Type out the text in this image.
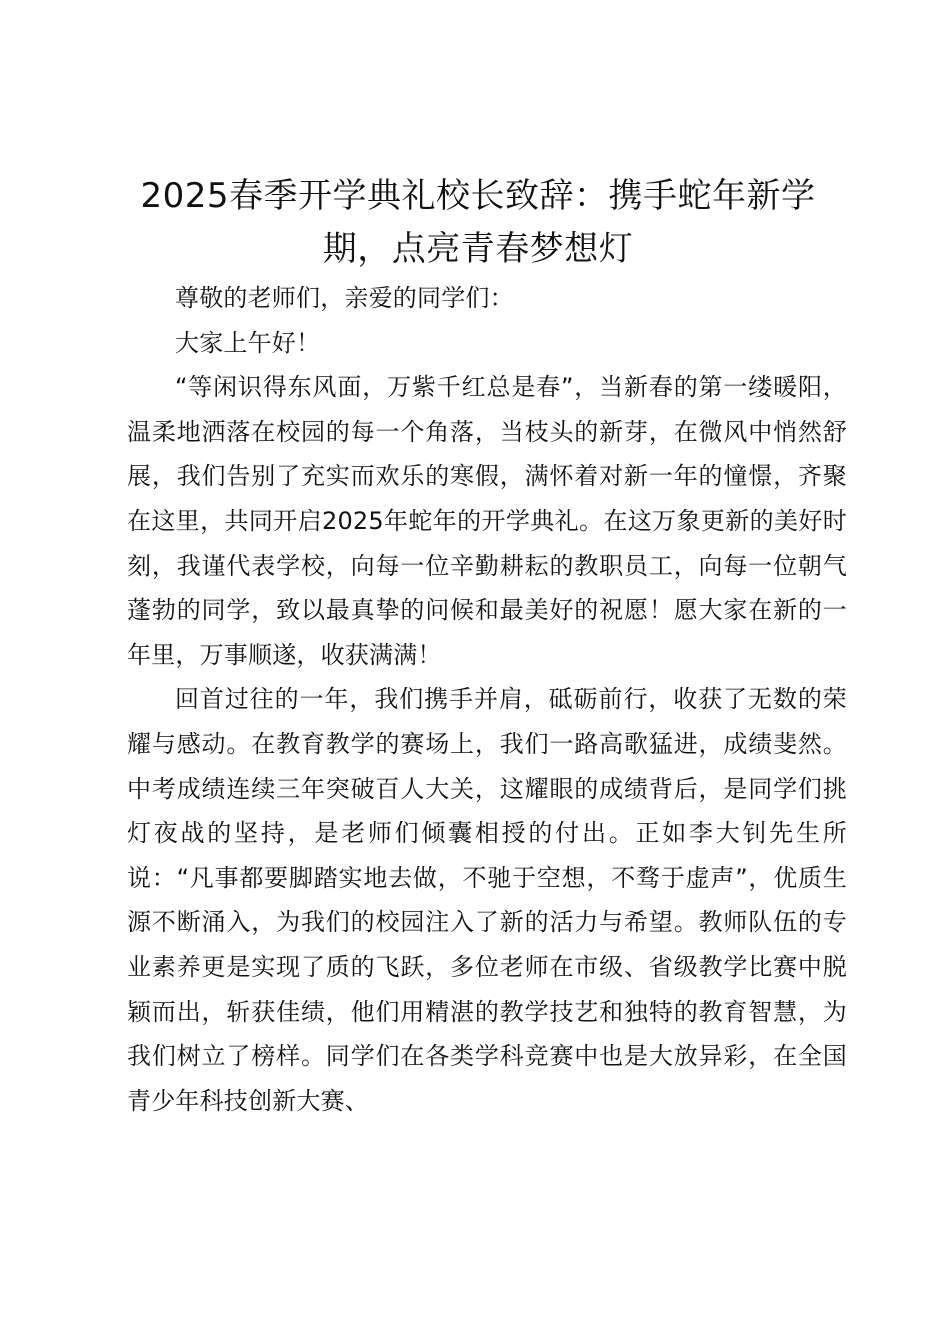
2025春季开学典礼校长致辞：携手蛇年新学期，点亮青春梦想灯

尊敬的老师们，亲爱的同学们：

大家上午好！

“等闲识得东风面，万紫千红总是春”，当新春的第一缕暖阳，温柔地洒落在校园的每一个角落，当枝头的新芽，在微风中悄然舒展，我们告别了充实而欢乐的寒假，满怀着对新一年的憧憬，齐聚在这里，共同开启2025年蛇年的开学典礼。在这万象更新的美好时刻，我谨代表学校，向每一位辛勤耕耘的教职员工，向每一位朝气蓬勃的同学，致以最真挚的问候和最美好的祝愿！愿大家在新的一年里，万事顺遂，收获满满！

回首过往的一年，我们携手并肩，砥砺前行，收获了无数的荣耀与感动。在教育教学的赛场上，我们一路高歌猛进，成绩斐然。中考成绩连续三年突破百人大关，这耀眼的成绩背后，是同学们挑灯夜战的坚持，是老师们倾囊相授的付出。正如李大钊先生所说：“凡事都要脚踏实地去做，不驰于空想，不骛于虚声”，优质生源不断涌入，为我们的校园注入了新的活力与希望。教师队伍的专业素养更是实现了质的飞跃，多位老师在市级、省级教学比赛中脱颖而出，斩获佳绩，他们用精湛的教学技艺和独特的教育智慧，为我们树立了榜样。同学们在各类学科竞赛中也是大放异彩，在全国青少年科技创新大赛、
